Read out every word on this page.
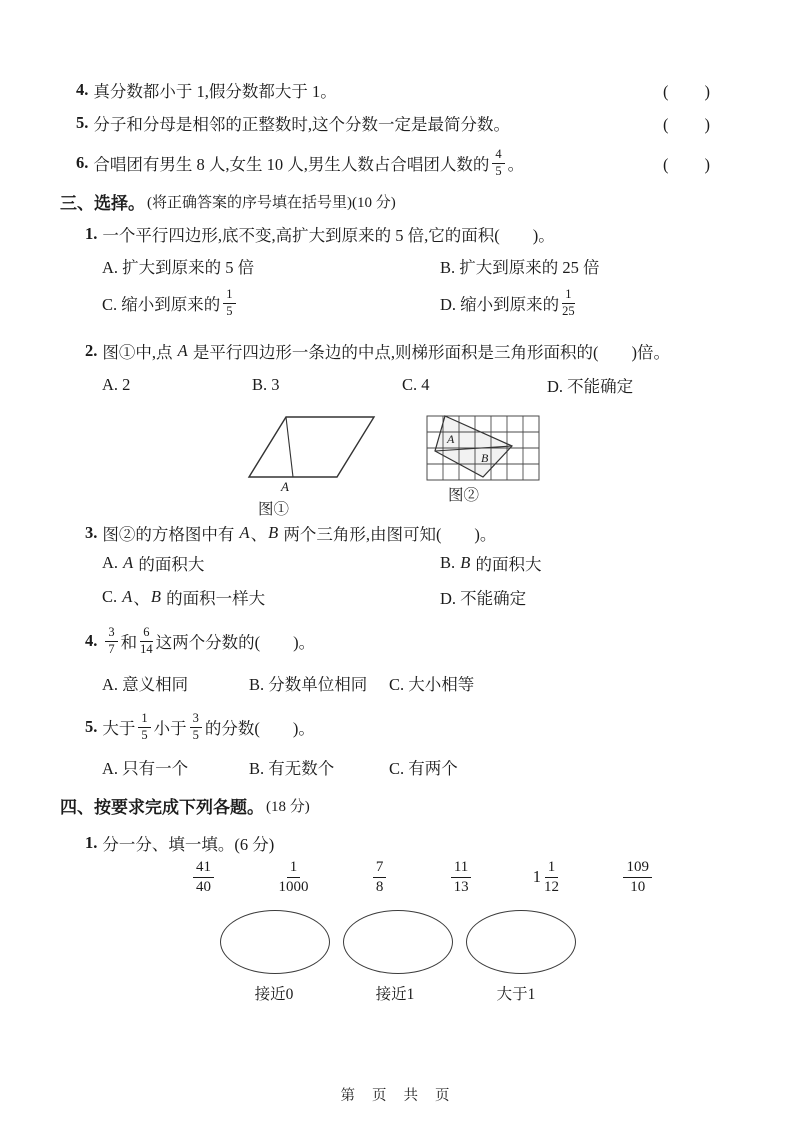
4. 真分数都小于 1,假分数都大于 1。	(　　)
5. 分子和分母是相邻的正整数时,这个分数一定是最简分数。	(　　)
6. 合唱团有男生 8 人,女生 10 人,男生人数占合唱团人数的 $\frac{4}{5}$ 。	(　　)
三、选择。 (将正确答案的序号填在括号里)(10 分)
1. 一个平行四边形,底不变,高扩大到原来的 5 倍,它的面积(　　)。
A. 扩大到原来的 5 倍	B. 扩大到原来的 25 倍
C. 缩小到原来的 $\frac{1}{5}$	D. 缩小到原来的 $\frac{1}{25}$
2. 图①中,点 A 是平行四边形一条边的中点,则梯形面积是三角形面积的(　　)倍。
A. 2	B. 3	C. 4	D. 不能确定
A
图①
A
B
图②
3. 图②的方格图中有 A 、 B 两个三角形,由图可知(　　)。
A. A 的面积大	B. B 的面积大
C. A 、 B 的面积一样大	D. 不能确定
4. $\frac{3}{7}$ 和 $\frac{6}{14}$ 这两个分数的(　　)。
A. 意义相同	B. 分数单位相同 C. 大小相等
5. 大于 $\frac{1}{5}$ 小于 $\frac{3}{5}$ 的分数(　　)。
A. 只有一个	B. 有无数个	C. 有两个
四、按要求完成下列各题。 (18 分)
1. 分一分、填一填。(6 分)
$\frac{41}{40}$	$\frac{1}{1000}$	$\frac{7}{8}$	$\frac{11}{13}$	$1 \frac{1}{12}$	$\frac{109}{10}$
接近0	接近1	大于1
第 页 共 页
